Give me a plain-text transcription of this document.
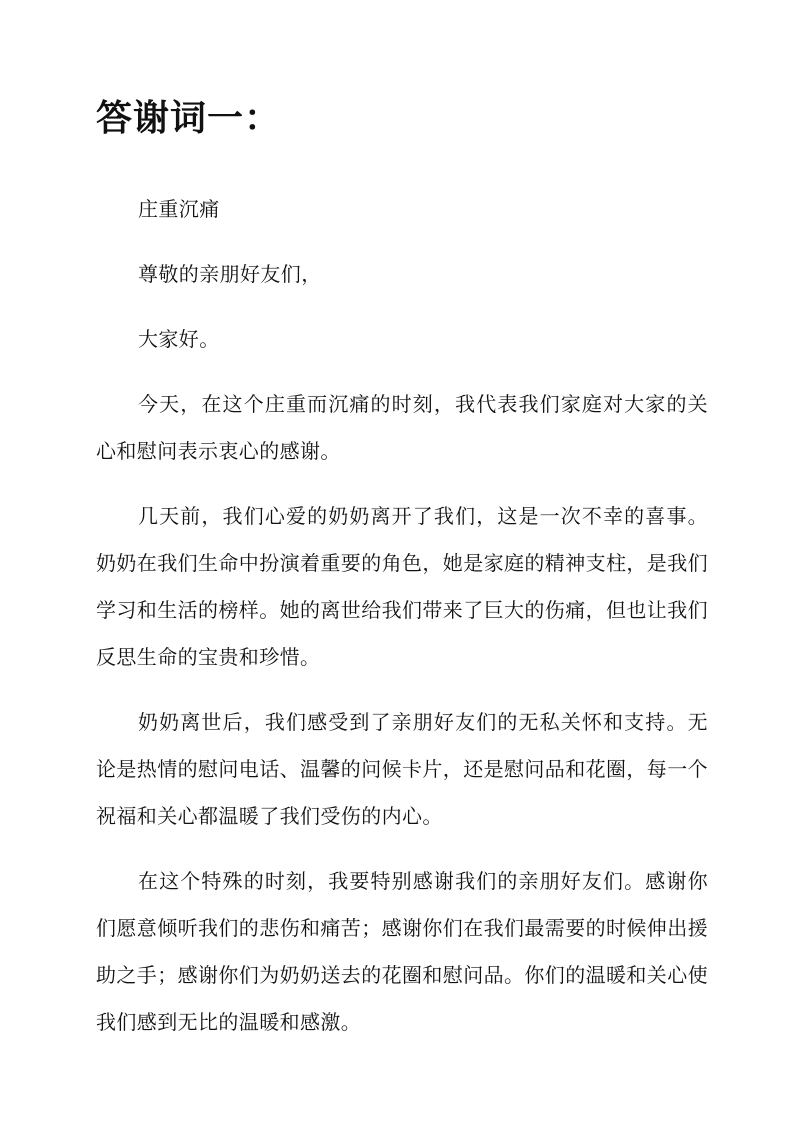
答谢词一：

庄重沉痛

尊敬的亲朋好友们，

大家好。

今天，在这个庄重而沉痛的时刻，我代表我们家庭对大家的关心和慰问表示衷心的感谢。

几天前，我们心爱的奶奶离开了我们，这是一次不幸的喜事。奶奶在我们生命中扮演着重要的角色，她是家庭的精神支柱，是我们学习和生活的榜样。她的离世给我们带来了巨大的伤痛，但也让我们反思生命的宝贵和珍惜。

奶奶离世后，我们感受到了亲朋好友们的无私关怀和支持。无论是热情的慰问电话、温馨的问候卡片，还是慰问品和花圈，每一个祝福和关心都温暖了我们受伤的内心。

在这个特殊的时刻，我要特别感谢我们的亲朋好友们。感谢你们愿意倾听我们的悲伤和痛苦；感谢你们在我们最需要的时候伸出援助之手；感谢你们为奶奶送去的花圈和慰问品。你们的温暖和关心使我们感到无比的温暖和感激。
